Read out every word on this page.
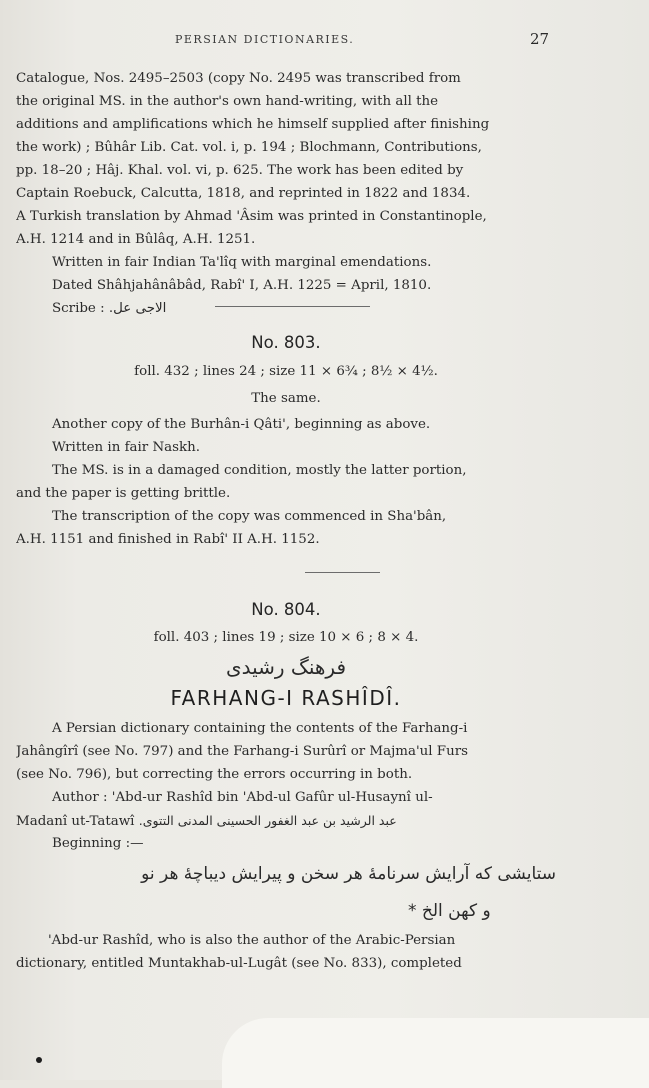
PERSIAN DICTIONARIES.	27
Catalogue, Nos. 2495–2503 (copy No. 2495 was transcribed from
the original MS. in the author's own hand-writing, with all the
additions and amplifications which he himself supplied after finishing
the work) ; Bûhâr Lib. Cat. vol. i, p. 194 ; Blochmann, Contributions,
pp. 18–20 ; Hâj. Khal. vol. vi, p. 625. The work has been edited by
Captain Roebuck, Calcutta, 1818, and reprinted in 1822 and 1834.
A Turkish translation by Ahmad 'Âsim was printed in Constantinople,
A.H. 1214 and in Bûlâq, A.H. 1251.
Written in fair Indian Ta'lîq with marginal emendations.
Dated Shâhjahânâbâd, Rabî' I, A.H. 1225 = April, 1810.
Scribe : الاجی عل.
No. 803.
foll. 432 ; lines 24 ; size 11 × 6¾ ; 8½ × 4½.
The same.
Another copy of the Burhân-i Qâti', beginning as above.
Written in fair Naskh.
The MS. is in a damaged condition, mostly the latter portion,
and the paper is getting brittle.
The transcription of the copy was commenced in Sha'bân,
A.H. 1151 and finished in Rabî' II A.H. 1152.
No. 804.
foll. 403 ; lines 19 ; size 10 × 6 ; 8 × 4.
فرهنگ رشیدی
FARHANG-I RASHÎDÎ.
A Persian dictionary containing the contents of the Farhang-i
Jahângîrî (see No. 797) and the Farhang-i Surûrî or Majma'ul Furs
(see No. 796), but correcting the errors occurring in both.
Author : 'Abd-ur Rashîd bin 'Abd-ul Gafûr ul-Husaynî ul-
Madanî ut-Tatawî عبد الرشید بن عبد الغفور الحسینی المدنی التتوی.
Beginning :—
ستایشی که آرایش سرنامهٔ هر سخن و پیرایش دیباچهٔ هر نو
و کهن الخ *
'Abd-ur Rashîd, who is also the author of the Arabic-Persian
dictionary, entitled Muntakhab-ul-Lugât (see No. 833), completed
